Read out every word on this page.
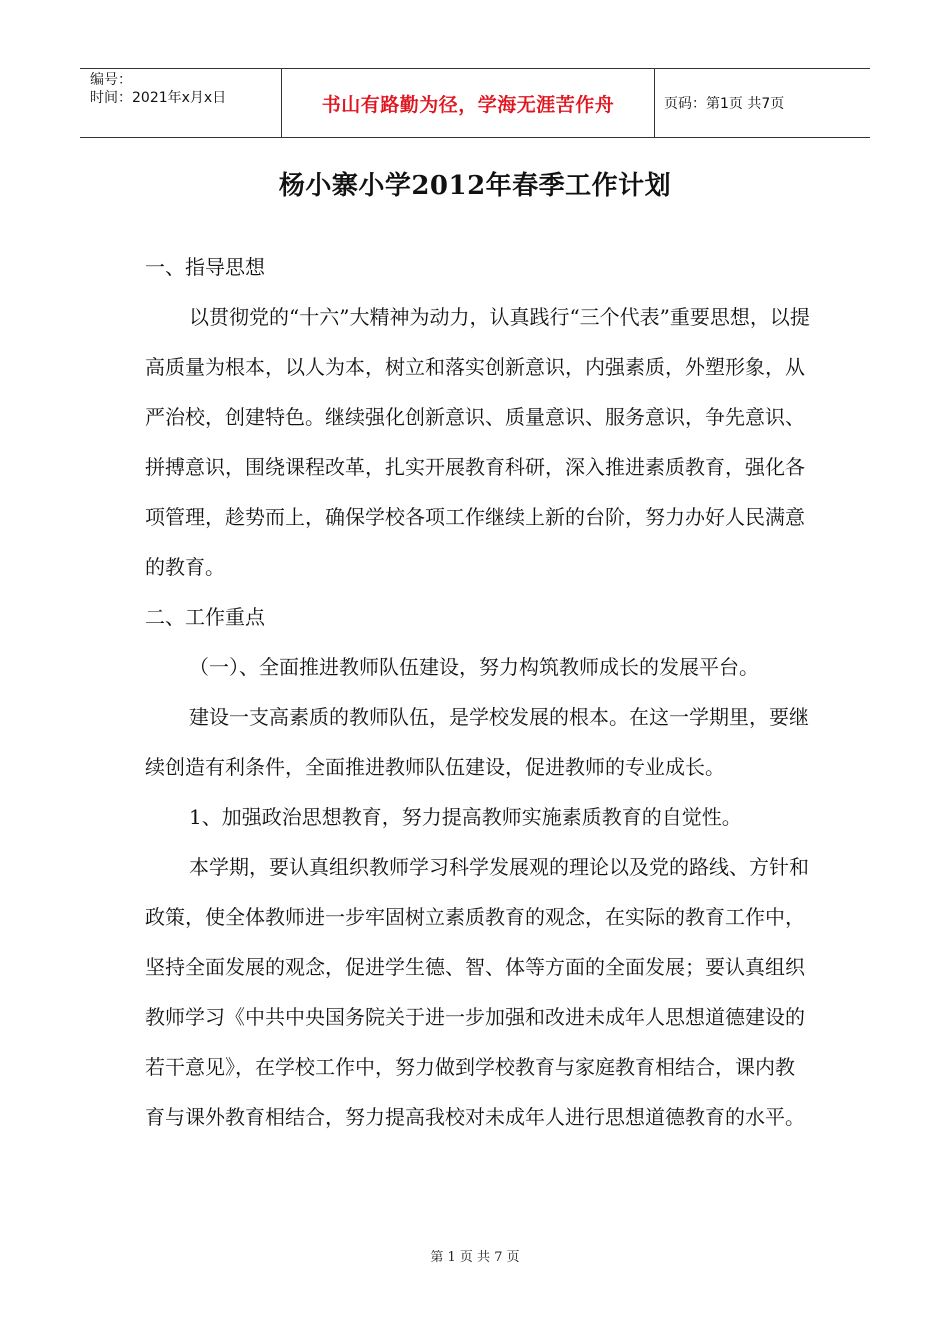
编号：
时间：2021年x月x日	书山有路勤为径，学海无涯苦作舟	页码：第1页 共7页
杨小寨小学2012年春季工作计划

一、指导思想

以贯彻党的“十六”大精神为动力，认真践行“三个代表”重要思想，以提高质量为根本，以人为本，树立和落实创新意识，内强素质，外塑形象，从严治校，创建特色。继续强化创新意识、质量意识、服务意识，争先意识、拼搏意识，围绕课程改革，扎实开展教育科研，深入推进素质教育，强化各项管理，趁势而上，确保学校各项工作继续上新的台阶，努力办好人民满意的教育。

二、工作重点

（一）、全面推进教师队伍建设，努力构筑教师成长的发展平台。

建设一支高素质的教师队伍，是学校发展的根本。在这一学期里，要继续创造有利条件，全面推进教师队伍建设，促进教师的专业成长。

1、加强政治思想教育，努力提高教师实施素质教育的自觉性。

本学期，要认真组织教师学习科学发展观的理论以及党的路线、方针和政策，使全体教师进一步牢固树立素质教育的观念，在实际的教育工作中，坚持全面发展的观念，促进学生德、智、体等方面的全面发展；要认真组织教师学习《中共中央国务院关于进一步加强和改进未成年人思想道德建设的若干意见》，在学校工作中，努力做到学校教育与家庭教育相结合，课内教育与课外教育相结合，努力提高我校对未成年人进行思想道德教育的水平。

第 1 页 共 7 页
